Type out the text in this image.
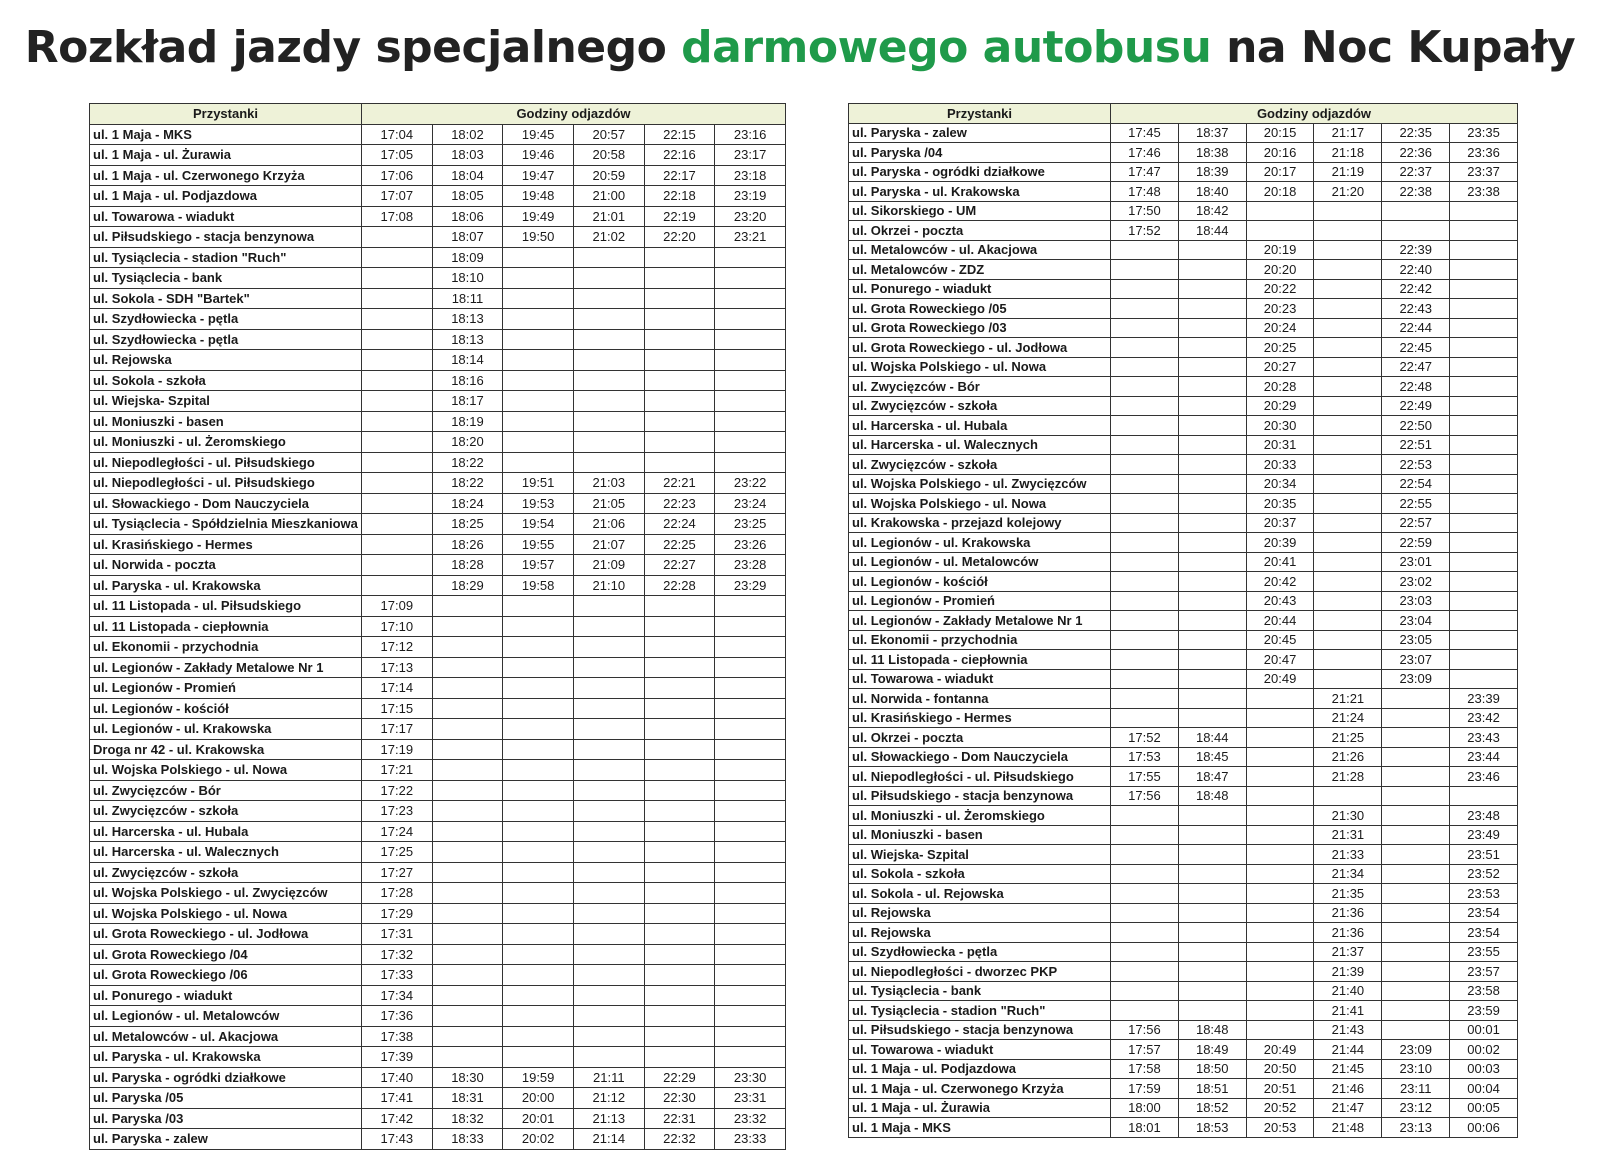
Rozkład jazdy specjalnego darmowego autobusu na Noc Kupały
Przystanki	Godziny odjazdów					
ul. 1 Maja - MKS	17:04	18:02	19:45	20:57	22:15	23:16
ul. 1 Maja - ul. Żurawia	17:05	18:03	19:46	20:58	22:16	23:17
ul. 1 Maja - ul. Czerwonego Krzyża	17:06	18:04	19:47	20:59	22:17	23:18
ul. 1 Maja - ul. Podjazdowa	17:07	18:05	19:48	21:00	22:18	23:19
ul. Towarowa - wiadukt	17:08	18:06	19:49	21:01	22:19	23:20
ul. Piłsudskiego - stacja benzynowa		18:07	19:50	21:02	22:20	23:21
ul. Tysiąclecia - stadion "Ruch"		18:09				
ul. Tysiąclecia - bank		18:10				
ul. Sokola - SDH "Bartek"		18:11				
ul. Szydłowiecka - pętla		18:13				
ul. Szydłowiecka - pętla		18:13				
ul. Rejowska		18:14				
ul. Sokola - szkoła		18:16				
ul. Wiejska- Szpital		18:17				
ul. Moniuszki - basen		18:19				
ul. Moniuszki - ul. Żeromskiego		18:20				
ul. Niepodległości - ul. Piłsudskiego		18:22				
ul. Niepodległości - ul. Piłsudskiego		18:22	19:51	21:03	22:21	23:22
ul. Słowackiego - Dom Nauczyciela		18:24	19:53	21:05	22:23	23:24
ul. Tysiąclecia - Spółdzielnia Mieszkaniowa		18:25	19:54	21:06	22:24	23:25
ul. Krasińskiego - Hermes		18:26	19:55	21:07	22:25	23:26
ul. Norwida - poczta		18:28	19:57	21:09	22:27	23:28
ul. Paryska - ul. Krakowska		18:29	19:58	21:10	22:28	23:29
ul. 11 Listopada - ul. Piłsudskiego	17:09					
ul. 11 Listopada - ciepłownia	17:10					
ul. Ekonomii - przychodnia	17:12					
ul. Legionów - Zakłady Metalowe Nr 1	17:13					
ul. Legionów - Promień	17:14					
ul. Legionów - kościół	17:15					
ul. Legionów - ul. Krakowska	17:17					
Droga nr 42 - ul. Krakowska	17:19					
ul. Wojska Polskiego - ul. Nowa	17:21					
ul. Zwycięzców - Bór	17:22					
ul. Zwycięzców - szkoła	17:23					
ul. Harcerska - ul. Hubala	17:24					
ul. Harcerska - ul. Walecznych	17:25					
ul. Zwycięzców - szkoła	17:27					
ul. Wojska Polskiego - ul. Zwycięzców	17:28					
ul. Wojska Polskiego - ul. Nowa	17:29					
ul. Grota Roweckiego - ul. Jodłowa	17:31					
ul. Grota Roweckiego /04	17:32					
ul. Grota Roweckiego /06	17:33					
ul. Ponurego - wiadukt	17:34					
ul. Legionów - ul. Metalowców	17:36					
ul. Metalowców - ul. Akacjowa	17:38					
ul. Paryska - ul. Krakowska	17:39					
ul. Paryska - ogródki działkowe	17:40	18:30	19:59	21:11	22:29	23:30
ul. Paryska /05	17:41	18:31	20:00	21:12	22:30	23:31
ul. Paryska /03	17:42	18:32	20:01	21:13	22:31	23:32
ul. Paryska - zalew	17:43	18:33	20:02	21:14	22:32	23:33
Przystanki	Godziny odjazdów					
ul. Paryska - zalew	17:45	18:37	20:15	21:17	22:35	23:35
ul. Paryska /04	17:46	18:38	20:16	21:18	22:36	23:36
ul. Paryska - ogródki działkowe	17:47	18:39	20:17	21:19	22:37	23:37
ul. Paryska - ul. Krakowska	17:48	18:40	20:18	21:20	22:38	23:38
ul. Sikorskiego - UM	17:50	18:42				
ul. Okrzei - poczta	17:52	18:44				
ul. Metalowców - ul. Akacjowa			20:19		22:39	
ul. Metalowców - ZDZ			20:20		22:40	
ul. Ponurego - wiadukt			20:22		22:42	
ul. Grota Roweckiego /05			20:23		22:43	
ul. Grota Roweckiego /03			20:24		22:44	
ul. Grota Roweckiego - ul. Jodłowa			20:25		22:45	
ul. Wojska Polskiego - ul. Nowa			20:27		22:47	
ul. Zwycięzców - Bór			20:28		22:48	
ul. Zwycięzców - szkoła			20:29		22:49	
ul. Harcerska - ul. Hubala			20:30		22:50	
ul. Harcerska - ul. Walecznych			20:31		22:51	
ul. Zwycięzców - szkoła			20:33		22:53	
ul. Wojska Polskiego - ul. Zwycięzców			20:34		22:54	
ul. Wojska Polskiego - ul. Nowa			20:35		22:55	
ul. Krakowska - przejazd kolejowy			20:37		22:57	
ul. Legionów - ul. Krakowska			20:39		22:59	
ul. Legionów - ul. Metalowców			20:41		23:01	
ul. Legionów - kościół			20:42		23:02	
ul. Legionów - Promień			20:43		23:03	
ul. Legionów - Zakłady Metalowe Nr 1			20:44		23:04	
ul. Ekonomii - przychodnia			20:45		23:05	
ul. 11 Listopada - ciepłownia			20:47		23:07	
ul. Towarowa - wiadukt			20:49		23:09	
ul. Norwida - fontanna				21:21		23:39
ul. Krasińskiego - Hermes				21:24		23:42
ul. Okrzei - poczta	17:52	18:44		21:25		23:43
ul. Słowackiego - Dom Nauczyciela	17:53	18:45		21:26		23:44
ul. Niepodległości - ul. Piłsudskiego	17:55	18:47		21:28		23:46
ul. Piłsudskiego - stacja benzynowa	17:56	18:48				
ul. Moniuszki - ul. Żeromskiego				21:30		23:48
ul. Moniuszki - basen				21:31		23:49
ul. Wiejska- Szpital				21:33		23:51
ul. Sokola - szkoła				21:34		23:52
ul. Sokola - ul. Rejowska				21:35		23:53
ul. Rejowska				21:36		23:54
ul. Rejowska				21:36		23:54
ul. Szydłowiecka - pętla				21:37		23:55
ul. Niepodległości - dworzec PKP				21:39		23:57
ul. Tysiąclecia - bank				21:40		23:58
ul. Tysiąclecia - stadion "Ruch"				21:41		23:59
ul. Piłsudskiego - stacja benzynowa	17:56	18:48		21:43		00:01
ul. Towarowa - wiadukt	17:57	18:49	20:49	21:44	23:09	00:02
ul. 1 Maja - ul. Podjazdowa	17:58	18:50	20:50	21:45	23:10	00:03
ul. 1 Maja - ul. Czerwonego Krzyża	17:59	18:51	20:51	21:46	23:11	00:04
ul. 1 Maja - ul. Żurawia	18:00	18:52	20:52	21:47	23:12	00:05
ul. 1 Maja - MKS	18:01	18:53	20:53	21:48	23:13	00:06
